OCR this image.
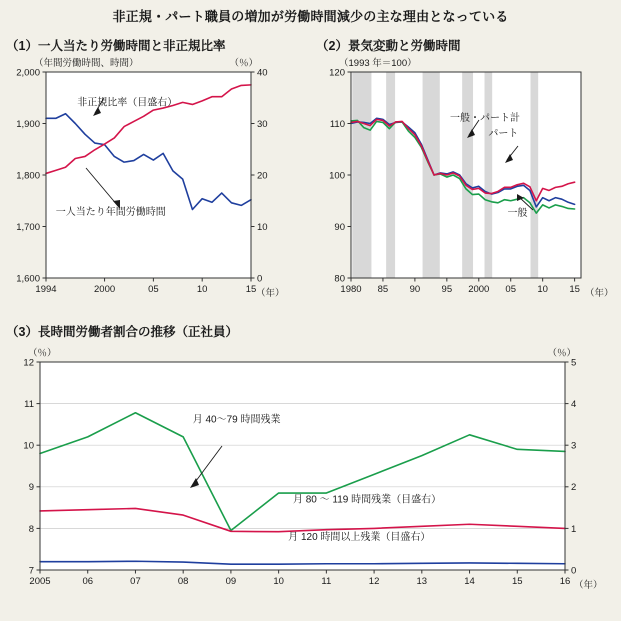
非正規・パート職員の増加が労働時間減少の主な理由となっている
（1）一人当たり労働時間と非正規比率
1,600
1,700
1,800
1,900
2,000
0
10
20
30
40
1994	2000	05	10	15
（年間労働時間、時間）	（％）
（年）
非正規比率（目盛右）
一人当たり年間労働時間
（2）景気変動と労働時間
80
90
100
110
120
1980 85 90 95 2000 05 10 15
（1993 年＝100）
（年）
一般・パート計
パート
一般
（3）長時間労働者割合の推移（正社員）
7
8
9
10
11
12
0
1
2
3
4
5
2005	06	07	08	09	10	11	12	13	14	15	16
（％）	（％）
（年）
月 40～79 時間残業
月 80 ～ 119 時間残業（目盛右）
月 120 時間以上残業（目盛右）
